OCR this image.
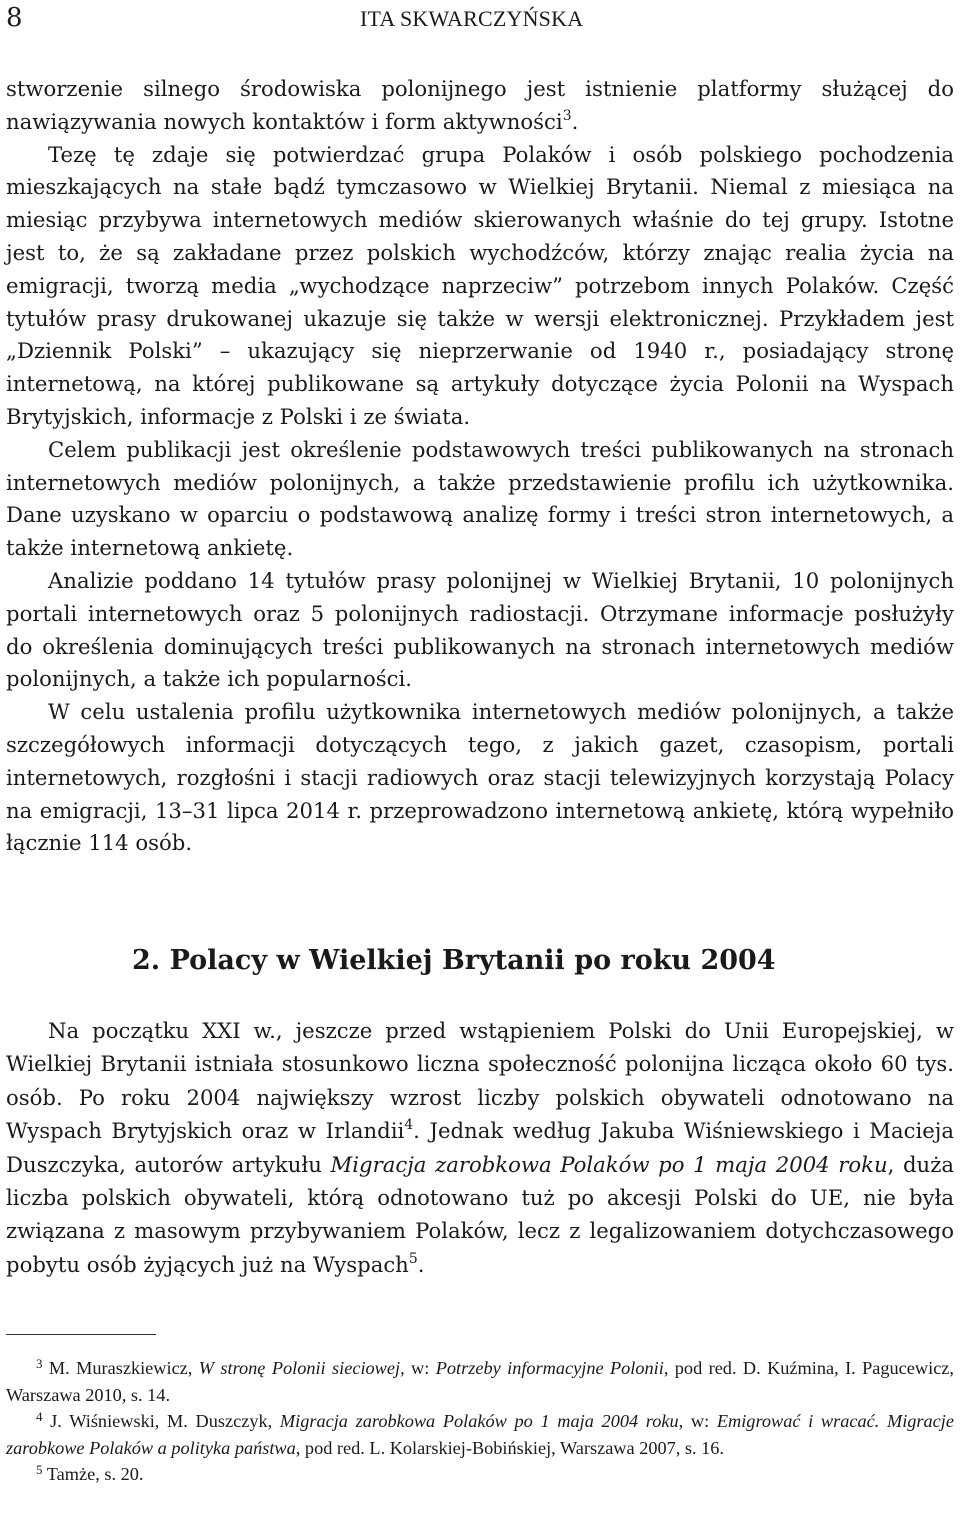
8	ITA SKWARCZYŃSKA

stworzenie silnego środowiska polonijnego jest istnienie platformy służącej do nawiązywania nowych kontaktów i form aktywności$^3$.

Tezę tę zdaje się potwierdzać grupa Polaków i osób polskiego pochodzenia mieszkających na stałe bądź tymczasowo w Wielkiej Brytanii. Niemal z miesiąca na miesiąc przybywa internetowych mediów skierowanych właśnie do tej grupy. Istotne jest to, że są zakładane przez polskich wychodźców, którzy znając realia życia na emigracji, tworzą media „wychodzące naprzeciw” potrzebom innych Polaków. Część tytułów prasy drukowanej ukazuje się także w wersji elektronicznej. Przykładem jest „Dziennik Polski” – ukazujący się nieprzerwanie od 1940 r., posiadający stronę internetową, na której publikowane są artykuły dotyczące życia Polonii na Wyspach Brytyjskich, informacje z Polski i ze świata.

Celem publikacji jest określenie podstawowych treści publikowanych na stronach internetowych mediów polonijnych, a także przedstawienie profilu ich użytkownika. Dane uzyskano w oparciu o podstawową analizę formy i treści stron internetowych, a także internetową ankietę.

Analizie poddano 14 tytułów prasy polonijnej w Wielkiej Brytanii, 10 polonijnych portali internetowych oraz 5 polonijnych radiostacji. Otrzymane informacje posłużyły do określenia dominujących treści publikowanych na stronach internetowych mediów polonijnych, a także ich popularności.

W celu ustalenia profilu użytkownika internetowych mediów polonijnych, a także szczegółowych informacji dotyczących tego, z jakich gazet, czasopism, portali internetowych, rozgłośni i stacji radiowych oraz stacji telewizyjnych korzystają Polacy na emigracji, 13–31 lipca 2014 r. przeprowadzono internetową ankietę, którą wypełniło łącznie 114 osób.

2. Polacy w Wielkiej Brytanii po roku 2004

Na początku XXI w., jeszcze przed wstąpieniem Polski do Unii Europejskiej, w Wielkiej Brytanii istniała stosunkowo liczna społeczność polonijna licząca około 60 tys. osób. Po roku 2004 największy wzrost liczby polskich obywateli odnotowano na Wyspach Brytyjskich oraz w Irlandii$^4$. Jednak według Jakuba Wiśniewskiego i Macieja Duszczyka, autorów artykułu Migracja zarobkowa Polaków po 1 maja 2004 roku, duża liczba polskich obywateli, którą odnotowano tuż po akcesji Polski do UE, nie była związana z masowym przybywaniem Polaków, lecz z legalizowaniem dotychczasowego pobytu osób żyjących już na Wyspach$^5$.

$^3$ M. Muraszkiewicz, W stronę Polonii sieciowej, w: Potrzeby informacyjne Polonii, pod red. D. Kuźmina, I. Pagucewicz, Warszawa 2010, s. 14.

$^4$ J. Wiśniewski, M. Duszczyk, Migracja zarobkowa Polaków po 1 maja 2004 roku, w: Emigrować i wracać. Migracje zarobkowe Polaków a polityka państwa, pod red. L. Kolarskiej-Bobińskiej, Warszawa 2007, s. 16.

$^5$ Tamże, s. 20.
